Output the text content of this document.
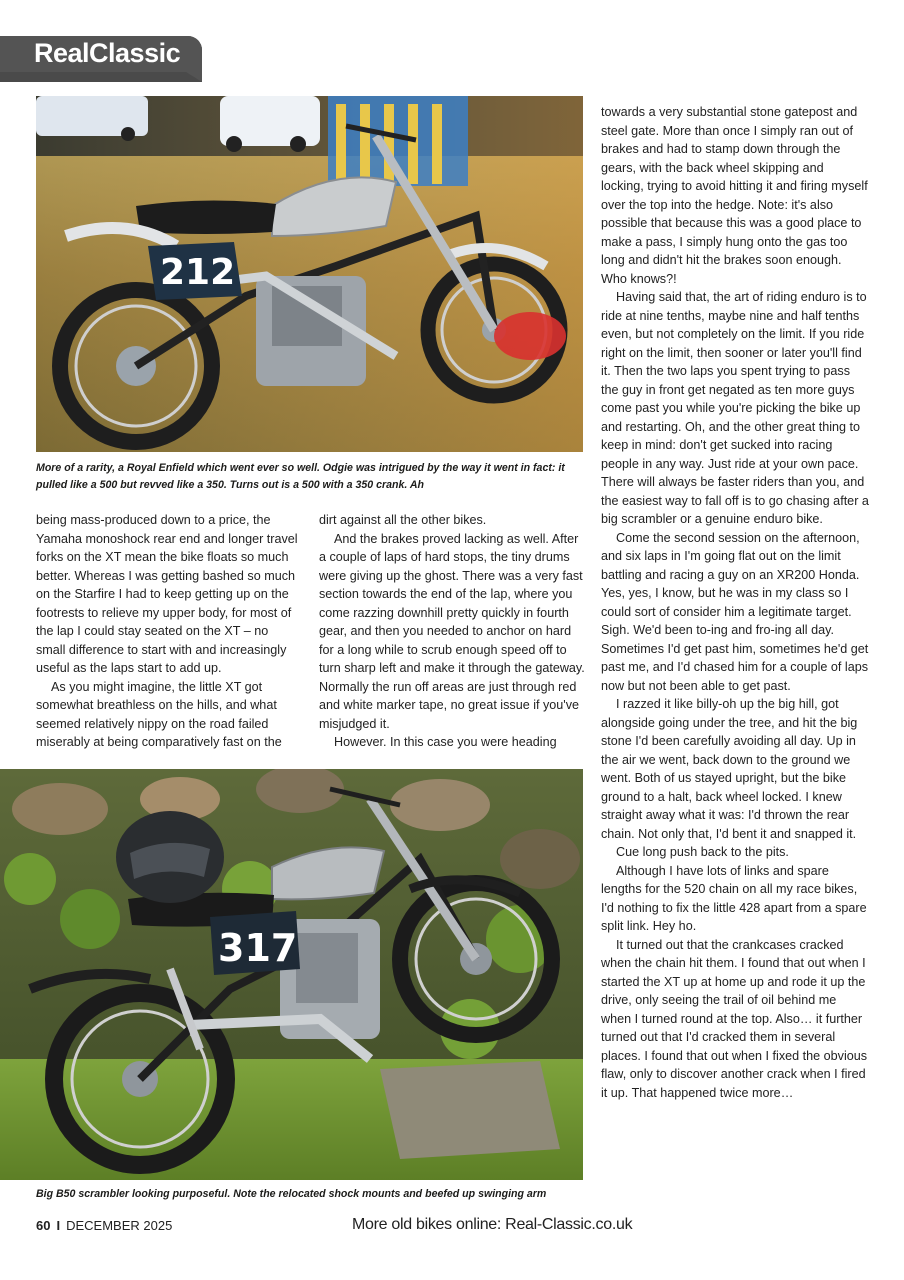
RealClassic
212
More of a rarity, a Royal Enfield which went ever so well. Odgie was intrigued by the way it went in fact: it pulled like a 500 but revved like a 350. Turns out is a 500 with a 350 crank. Ah

being mass-produced down to a price, the Yamaha monoshock rear end and longer travel forks on the XT mean the bike floats so much better. Whereas I was getting bashed so much on the Starfire I had to keep getting up on the footrests to relieve my upper body, for most of the lap I could stay seated on the XT – no small difference to start with and increasingly useful as the laps start to add up.

As you might imagine, the little XT got somewhat breathless on the hills, and what seemed relatively nippy on the road failed miserably at being comparatively fast on the

dirt against all the other bikes.

And the brakes proved lacking as well. After a couple of laps of hard stops, the tiny drums were giving up the ghost. There was a very fast section towards the end of the lap, where you come razzing downhill pretty quickly in fourth gear, and then you needed to anchor on hard for a long while to scrub enough speed off to turn sharp left and make it through the gateway. Normally the run off areas are just through red and white marker tape, no great issue if you've misjudged it.

However. In this case you were heading

317
Big B50 scrambler looking purposeful. Note the relocated shock mounts and beefed up swinging arm

towards a very substantial stone gatepost and steel gate. More than once I simply ran out of brakes and had to stamp down through the gears, with the back wheel skipping and locking, trying to avoid hitting it and firing myself over the top into the hedge. Note: it's also possible that because this was a good place to make a pass, I simply hung onto the gas too long and didn't hit the brakes soon enough. Who knows?!

Having said that, the art of riding enduro is to ride at nine tenths, maybe nine and half tenths even, but not completely on the limit. If you ride right on the limit, then sooner or later you'll find it. Then the two laps you spent trying to pass the guy in front get negated as ten more guys come past you while you're picking the bike up and restarting. Oh, and the other great thing to keep in mind: don't get sucked into racing people in any way. Just ride at your own pace. There will always be faster riders than you, and the easiest way to fall off is to go chasing after a big scrambler or a genuine enduro bike.

Come the second session on the afternoon, and six laps in I'm going flat out on the limit battling and racing a guy on an XR200 Honda. Yes, yes, I know, but he was in my class so I could sort of consider him a legitimate target. Sigh. We'd been to-ing and fro-ing all day. Sometimes I'd get past him, sometimes he'd get past me, and I'd chased him for a couple of laps now but not been able to get past.

I razzed it like billy-oh up the big hill, got alongside going under the tree, and hit the big stone I'd been carefully avoiding all day. Up in the air we went, back down to the ground we went. Both of us stayed upright, but the bike ground to a halt, back wheel locked. I knew straight away what it was: I'd thrown the rear chain. Not only that, I'd bent it and snapped it.

Cue long push back to the pits.

Although I have lots of links and spare lengths for the 520 chain on all my race bikes, I'd nothing to fix the little 428 apart from a spare split link. Hey ho.

It turned out that the crankcases cracked when the chain hit them. I found that out when I started the XT up at home up and rode it up the drive, only seeing the trail of oil behind me when I turned round at the top. Also… it further turned out that I'd cracked them in several places. I found that out when I fixed the obvious flaw, only to discover another crack when I fired it up. That happened twice more…

60 I DECEMBER 2025	More old bikes online: Real-Classic.co.uk
